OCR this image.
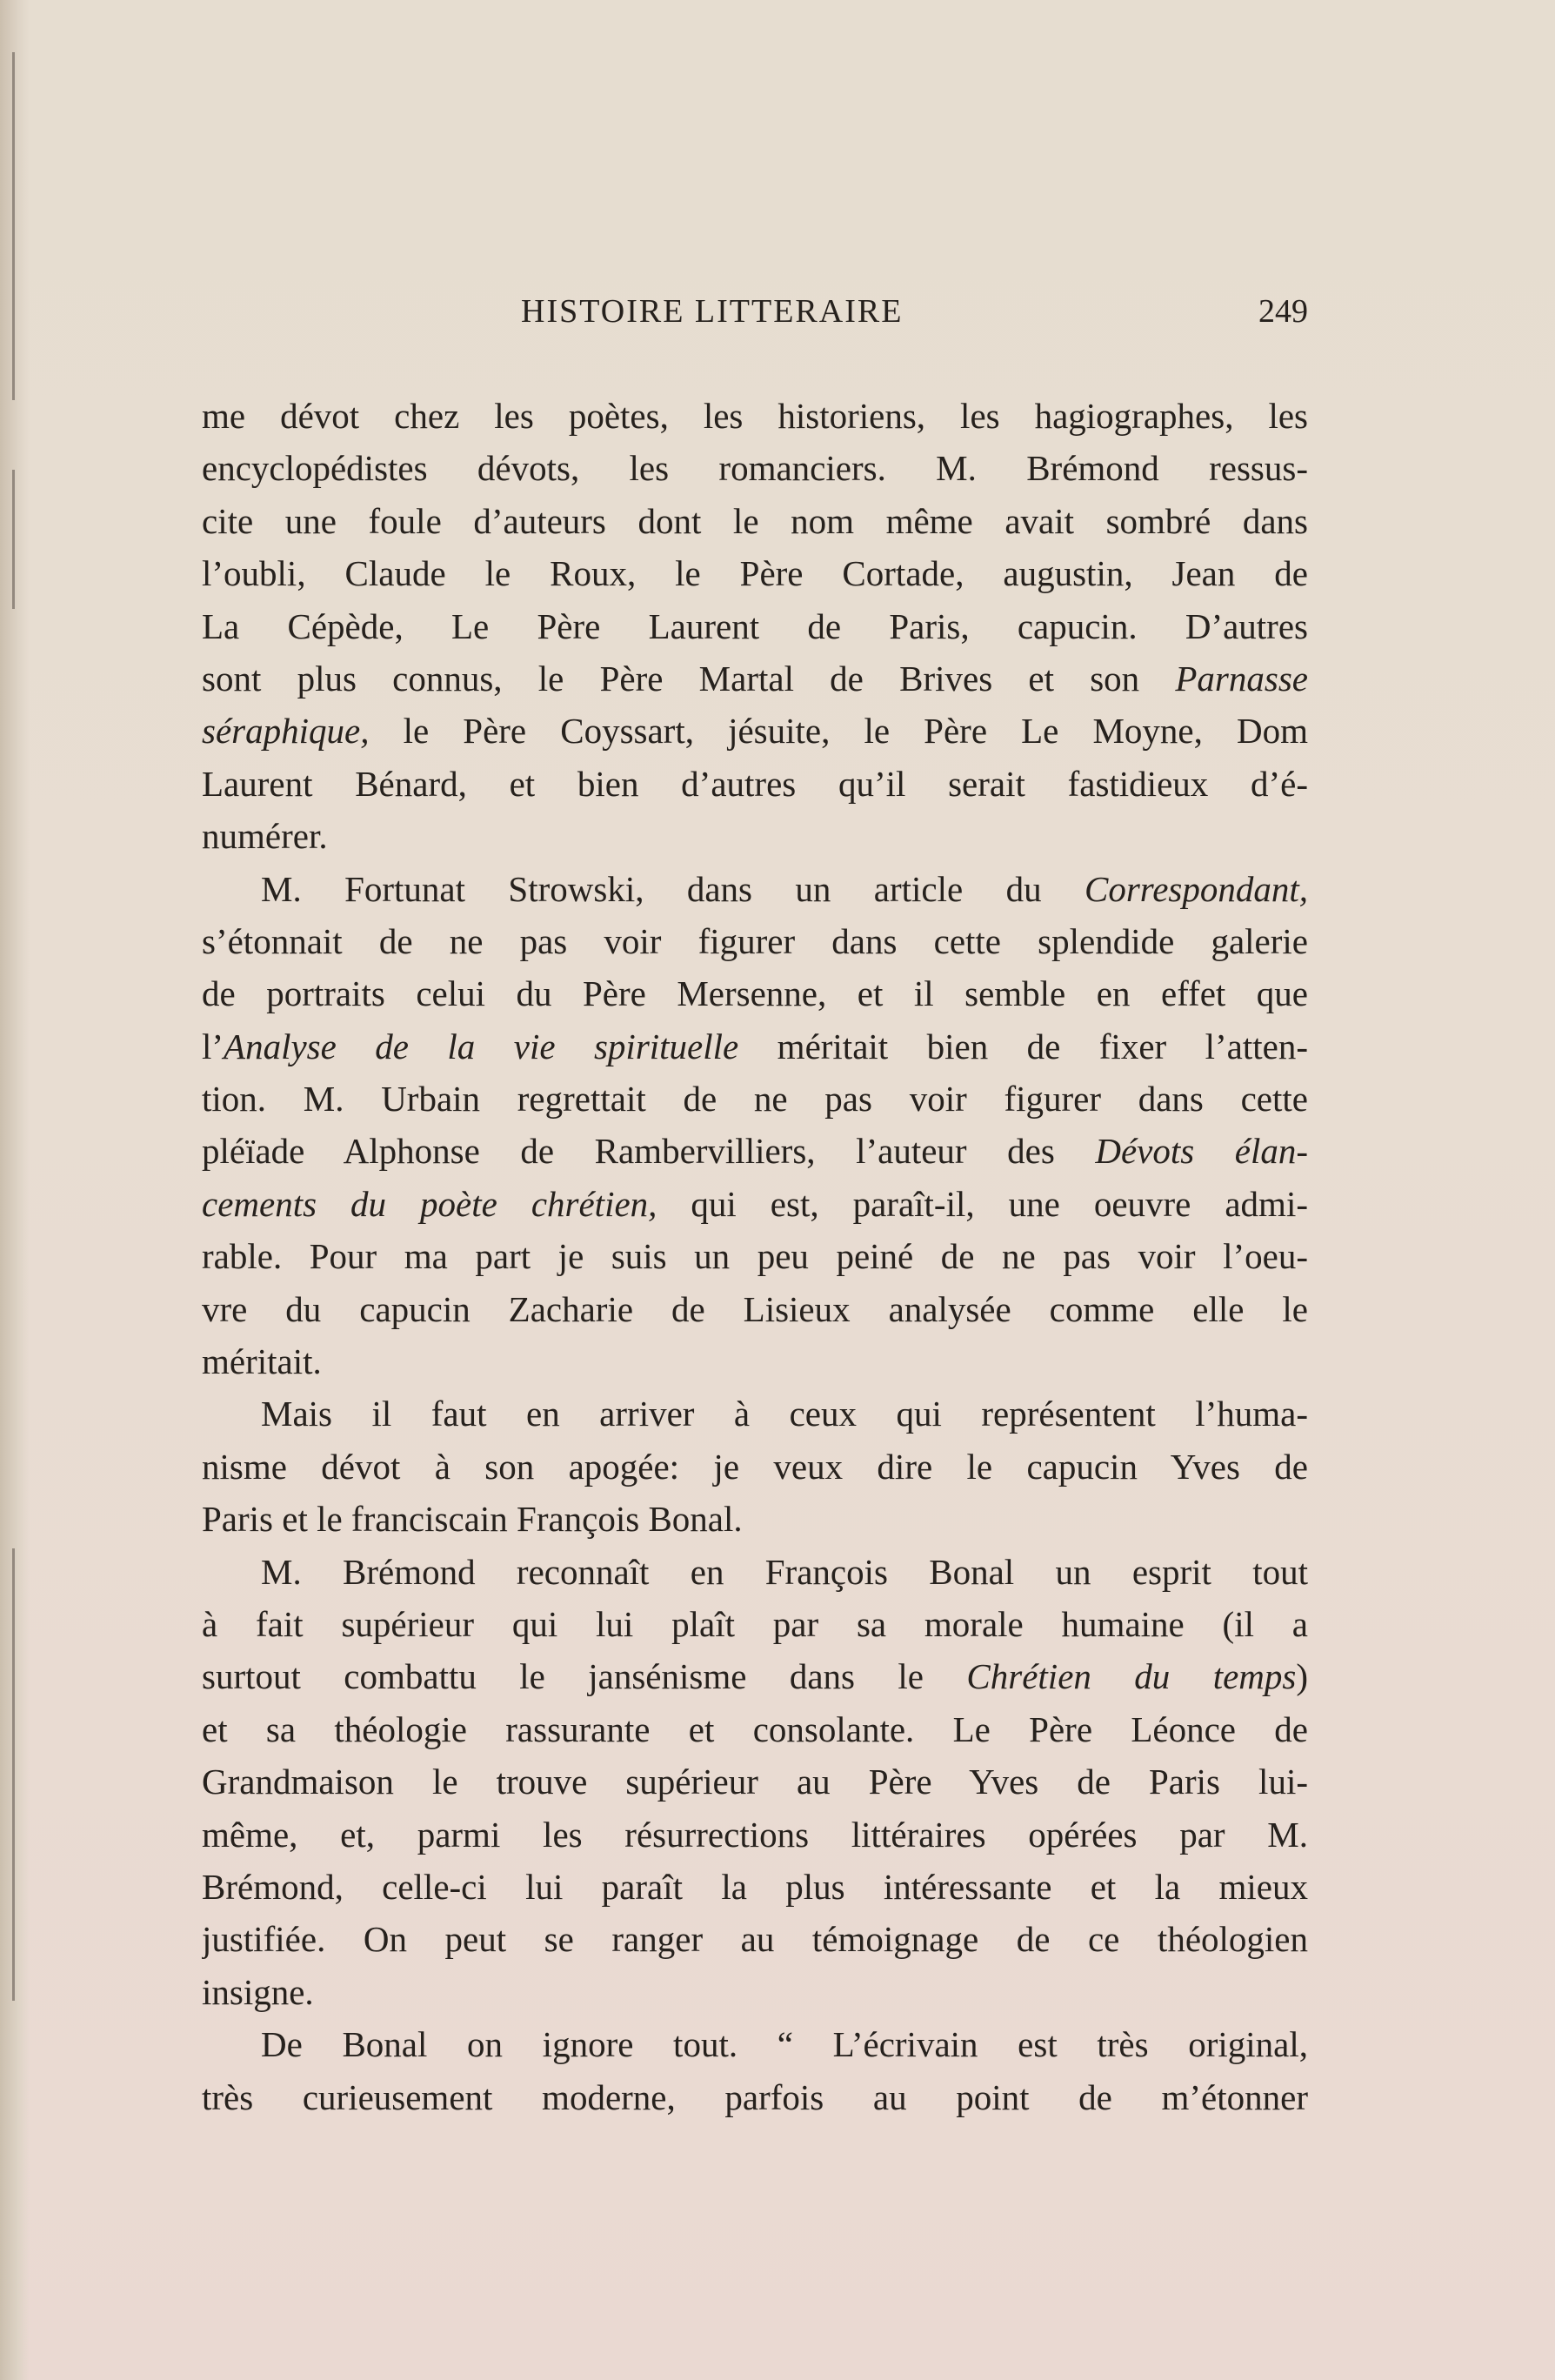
HISTOIRE LITTERAIRE	249
me dévot chez les poètes, les historiens, les hagiographes, les
encyclopédistes dévots, les romanciers. M. Brémond ressus-
cite une foule d’auteurs dont le nom même avait sombré dans
l’oubli, Claude le Roux, le Père Cortade, augustin, Jean de
La Cépède, Le Père Laurent de Paris, capucin. D’autres
sont plus connus, le Père Martal de Brives et son Parnasse
séraphique, le Père Coyssart, jésuite, le Père Le Moyne, Dom
Laurent Bénard, et bien d’autres qu’il serait fastidieux d’é-
numérer.
M. Fortunat Strowski, dans un article du Correspondant,
s’étonnait de ne pas voir figurer dans cette splendide galerie
de portraits celui du Père Mersenne, et il semble en effet que
l’Analyse de la vie spirituelle méritait bien de fixer l’atten-
tion. M. Urbain regrettait de ne pas voir figurer dans cette
pléïade Alphonse de Rambervilliers, l’auteur des Dévots élan-
cements du poète chrétien, qui est, paraît-il, une oeuvre admi-
rable. Pour ma part je suis un peu peiné de ne pas voir l’oeu-
vre du capucin Zacharie de Lisieux analysée comme elle le
méritait.
Mais il faut en arriver à ceux qui représentent l’huma-
nisme dévot à son apogée: je veux dire le capucin Yves de
Paris et le franciscain François Bonal.
M. Brémond reconnaît en François Bonal un esprit tout
à fait supérieur qui lui plaît par sa morale humaine (il a
surtout combattu le jansénisme dans le Chrétien du temps)
et sa théologie rassurante et consolante. Le Père Léonce de
Grandmaison le trouve supérieur au Père Yves de Paris lui-
même, et, parmi les résurrections littéraires opérées par M.
Brémond, celle-ci lui paraît la plus intéressante et la mieux
justifiée. On peut se ranger au témoignage de ce théologien
insigne.
De Bonal on ignore tout. “ L’écrivain est très original,
très curieusement moderne, parfois au point de m’étonner
